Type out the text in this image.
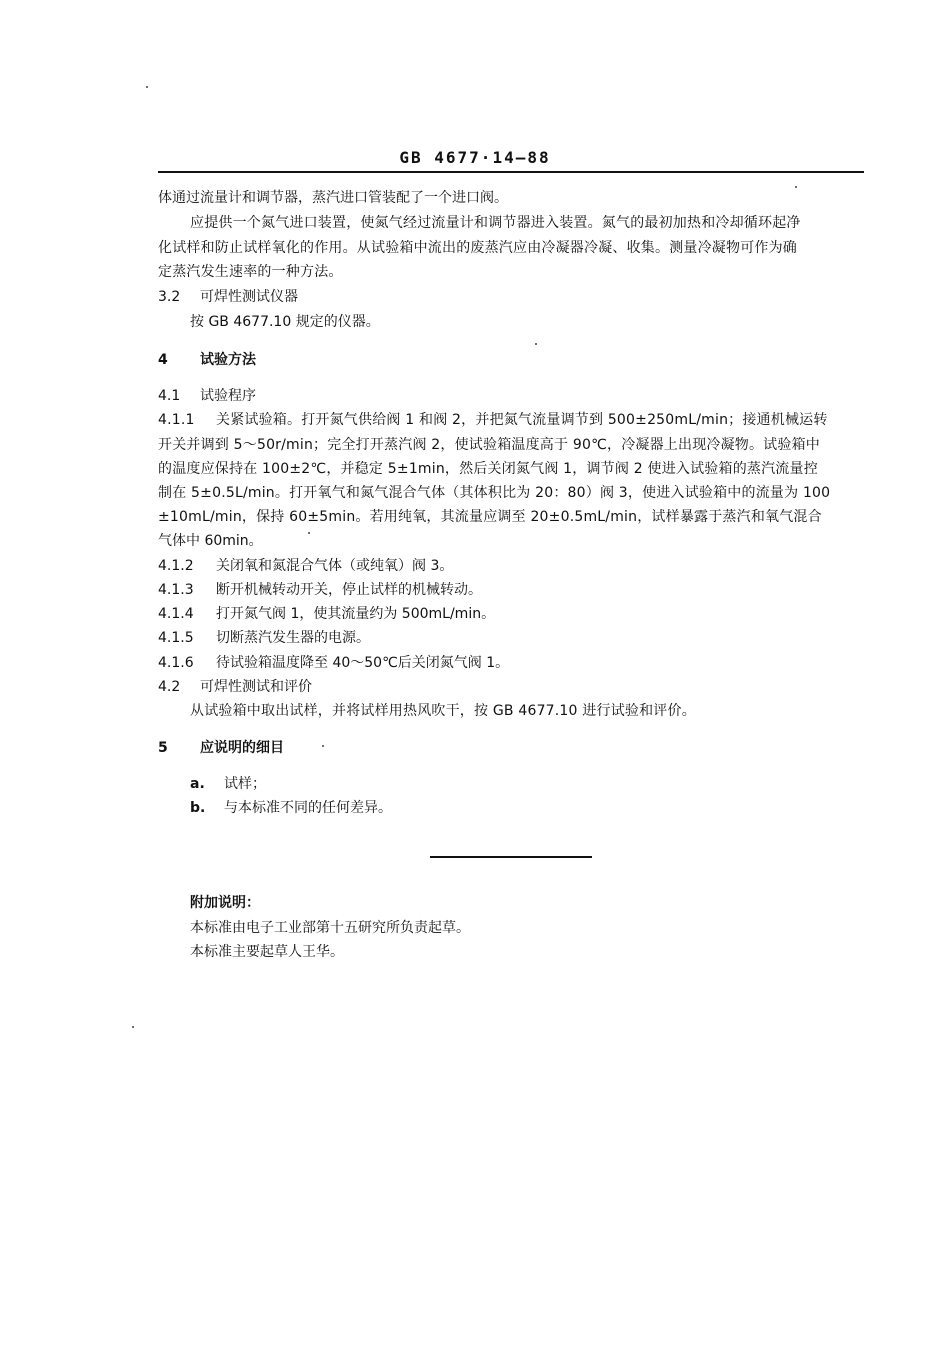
GB 4677·14—88
体通过流量计和调节器，蒸汽进口管装配了一个进口阀。
应提供一个氮气进口装置，使氮气经过流量计和调节器进入装置。氮气的最初加热和冷却循环起净
化试样和防止试样氧化的作用。从试验箱中流出的废蒸汽应由冷凝器冷凝、收集。测量冷凝物可作为确
定蒸汽发生速率的一种方法。
3.2 可焊性测试仪器
按 GB 4677.10 规定的仪器。
4 试验方法
4.1 试验程序
4.1.1 关紧试验箱。打开氮气供给阀 1 和阀 2，并把氮气流量调节到 500±250mL/min；接通机械运转
开关并调到 5～50r/min；完全打开蒸汽阀 2，使试验箱温度高于 90℃，冷凝器上出现冷凝物。试验箱中
的温度应保持在 100±2℃，并稳定 5±1min，然后关闭氮气阀 1，调节阀 2 使进入试验箱的蒸汽流量控
制在 5±0.5L/min。打开氧气和氮气混合气体（其体积比为 20：80）阀 3，使进入试验箱中的流量为 100
±10mL/min，保持 60±5min。若用纯氧，其流量应调至 20±0.5mL/min，试样暴露于蒸汽和氧气混合
气体中 60min。
4.1.2 关闭氧和氮混合气体（或纯氧）阀 3。
4.1.3 断开机械转动开关，停止试样的机械转动。
4.1.4 打开氮气阀 1，使其流量约为 500mL/min。
4.1.5 切断蒸汽发生器的电源。
4.1.6 待试验箱温度降至 40～50℃后关闭氮气阀 1。
4.2 可焊性测试和评价
从试验箱中取出试样，并将试样用热风吹干，按 GB 4677.10 进行试验和评价。
5 应说明的细目
a. 试样；
b. 与本标准不同的任何差异。
附加说明：
本标准由电子工业部第十五研究所负责起草。
本标准主要起草人王华。
